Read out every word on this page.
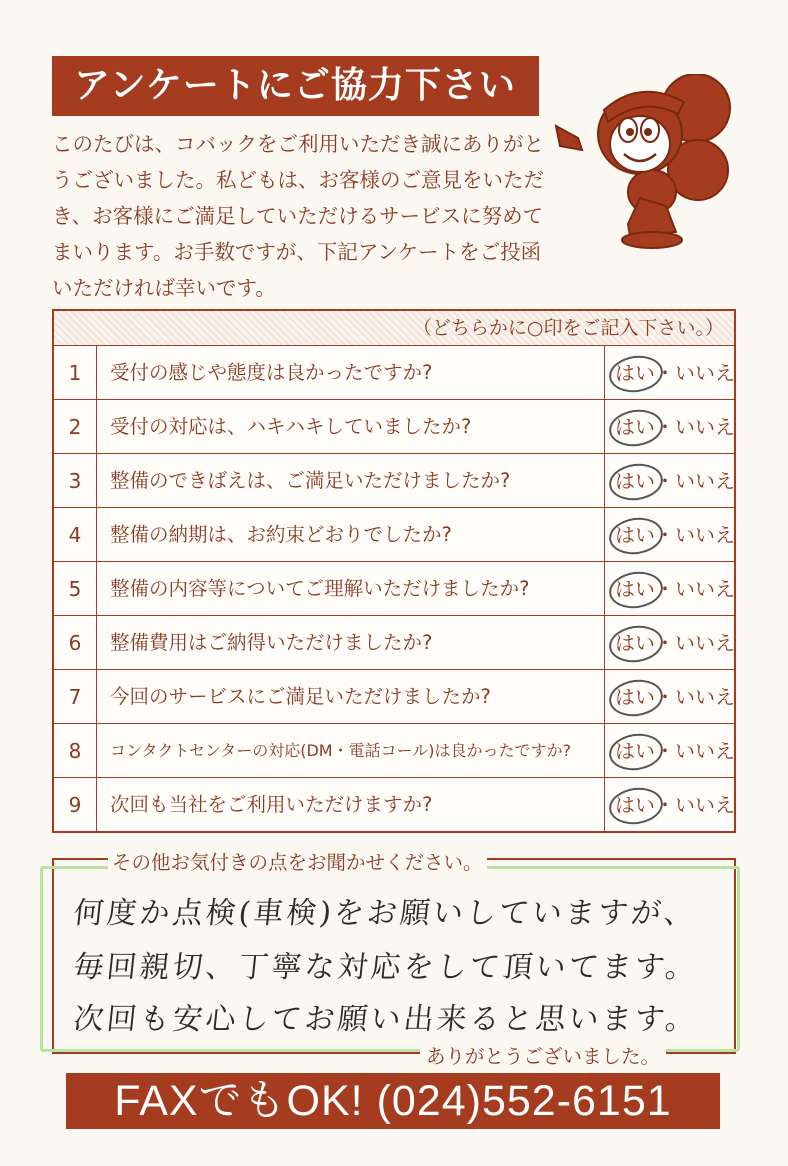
アンケートにご協力下さい

このたびは、コバックをご利用いただき誠にありがとうございました。私どもは、お客様のご意見をいただき、お客様にご満足していただけるサービスに努めてまいります。お手数ですが、下記アンケートをご投函いただければ幸いです。

®
（どちらかに○印をご記入下さい。）
1	受付の感じや態度は良かったですか?	はい・いいえ
2	受付の対応は、ハキハキしていましたか?	はい・いいえ
3	整備のできばえは、ご満足いただけましたか?	はい・いいえ
4	整備の納期は、お約束どおりでしたか?	はい・いいえ
5	整備の内容等についてご理解いただけましたか?	はい・いいえ
6	整備費用はご納得いただけましたか?	はい・いいえ
7	今回のサービスにご満足いただけましたか?	はい・いいえ
8	コンタクトセンターの対応(DM・電話コール)は良かったですか? はい・いいえ
9	次回も当社をご利用いただけますか?	はい・いいえ
その他お気付きの点をお聞かせください。

何度か点検(車検)をお願いしていますが、

毎回親切、丁寧な対応をして頂いてます。

次回も安心してお願い出来ると思います。

ありがとうございました。
FAXでもOK! (024)552-6151
